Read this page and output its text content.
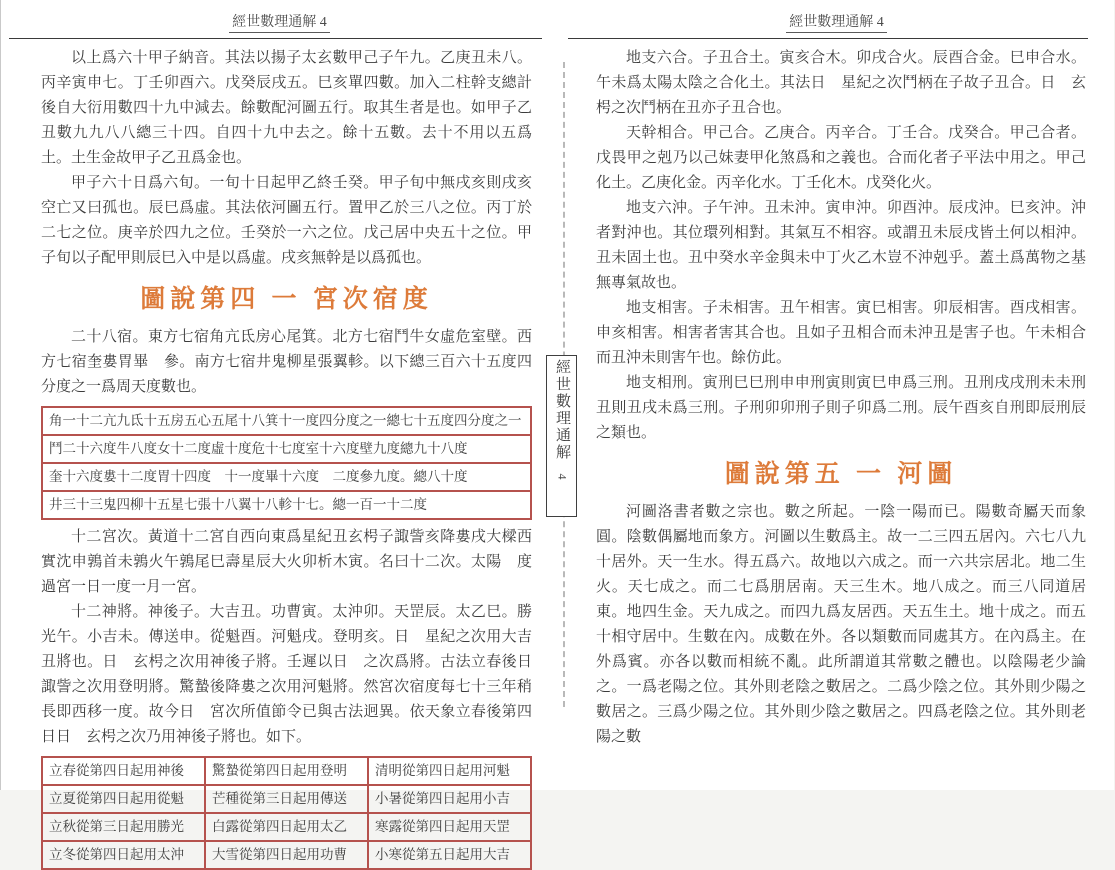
經世數理通解 4

以上爲六十甲子納音。其法以揚子太玄數甲己子午九。乙庚丑未八。丙辛寅申七。丁壬卯酉六。戊癸辰戌五。巳亥單四數。加入二柱幹支總計後自大衍用數四十九中減去。餘數配河圖五行。取其生者是也。如甲子乙丑數九九八八總三十四。自四十九中去之。餘十五數。去十不用以五爲土。土生金故甲子乙丑爲金也。

甲子六十日爲六旬。一旬十日起甲乙終壬癸。甲子旬中無戌亥則戌亥空亡又曰孤也。辰巳爲虛。其法依河圖五行。置甲乙於三八之位。丙丁於二七之位。庚辛於四九之位。壬癸於一六之位。戊己居中央五十之位。甲子旬以子配甲則辰巳入中是以爲虛。戌亥無幹是以爲孤也。

圖說第四 一 宮次宿度

二十八宿。東方七宿角亢氐房心尾箕。北方七宿鬥牛女虛危室壁。西方七宿奎婁胃畢　參。南方七宿井鬼柳星張翼軫。以下總三百六十五度四分度之一爲周天度數也。

角一十二亢九氐十五房五心五尾十八箕十一度四分度之一總七十五度四分度之一
鬥二十六度牛八度女十二度虛十度危十七度室十六度壁九度總九十八度
奎十六度婁十二度胃十四度　十一度畢十六度　二度參九度。總八十度
井三十三鬼四柳十五星七張十八翼十八軫十七。總一百一十二度

十二宮次。黃道十二宮自西向東爲星紀丑玄枵子諏訾亥降婁戌大樑西實沈申鶉首未鶉火午鶉尾巳壽星辰大火卯析木寅。名曰十二次。太陽　度過宮一日一度一月一宮。

十二神將。神後子。大吉丑。功曹寅。太沖卯。天罡辰。太乙巳。勝光午。小吉未。傳送申。從魁酉。河魁戌。登明亥。日　星紀之次用大吉丑將也。日　玄枵之次用神後子將。壬遲以日　之次爲將。古法立春後日　諏訾之次用登明將。驚蟄後降婁之次用河魁將。然宮次宿度每七十三年稍長即西移一度。故今日　宮次所值節令已與古法迥異。依天象立春後第四日日　玄枵之次乃用神後子將也。如下。

立春從第四日起用神後	驚蟄從第四日起用登明	清明從第四日起用河魁
立夏從第四日起用從魁	芒種從第三日起用傳送	小暑從第四日起用小吉
立秋從第三日起用勝光	白露從第四日起用太乙	寒露從第四日起用天罡
立冬從第四日起用太沖	大雪從第四日起用功曹	小寒從第五日起用大吉
經世數理通解 4

地支六合。子丑合土。寅亥合木。卯戌合火。辰酉合金。巳申合水。午未爲太陽太陰之合化土。其法日　星紀之次鬥柄在子故子丑合。日　玄枵之次鬥柄在丑亦子丑合也。

天幹相合。甲己合。乙庚合。丙辛合。丁壬合。戊癸合。甲己合者。戊畏甲之剋乃以己妹妻甲化煞爲和之義也。合而化者子平法中用之。甲己化土。乙庚化金。丙辛化水。丁壬化木。戊癸化火。

地支六沖。子午沖。丑未沖。寅申沖。卯酉沖。辰戌沖。巳亥沖。沖者對沖也。其位環列相對。其氣互不相容。或謂丑未辰戌皆土何以相沖。丑未固土也。丑中癸水辛金與未中丁火乙木豈不沖剋乎。蓋土爲萬物之基無專氣故也。

地支相害。子未相害。丑午相害。寅巳相害。卯辰相害。酉戌相害。申亥相害。相害者害其合也。且如子丑相合而未沖丑是害子也。午未相合而丑沖未則害午也。餘仿此。

地支相刑。寅刑巳巳刑申申刑寅則寅巳申爲三刑。丑刑戌戌刑未未刑丑則丑戌未爲三刑。子刑卯卯刑子則子卯爲二刑。辰午酉亥自刑即辰刑辰之類也。

圖說第五 一 河圖

河圖洛書者數之宗也。數之所起。一陰一陽而已。陽數奇屬天而象圓。陰數偶屬地而象方。河圖以生數爲主。故一二三四五居內。六七八九十居外。天一生水。得五爲六。故地以六成之。而一六共宗居北。地二生火。天七成之。而二七爲朋居南。天三生木。地八成之。而三八同道居東。地四生金。天九成之。而四九爲友居西。天五生土。地十成之。而五十相守居中。生數在內。成數在外。各以類數而同處其方。在內爲主。在外爲賓。亦各以數而相統不亂。此所謂道其常數之體也。以陰陽老少論之。一爲老陽之位。其外則老陰之數居之。二爲少陰之位。其外則少陽之數居之。三爲少陽之位。其外則少陰之數居之。四爲老陰之位。其外則老陽之數

經世數理通解
4
